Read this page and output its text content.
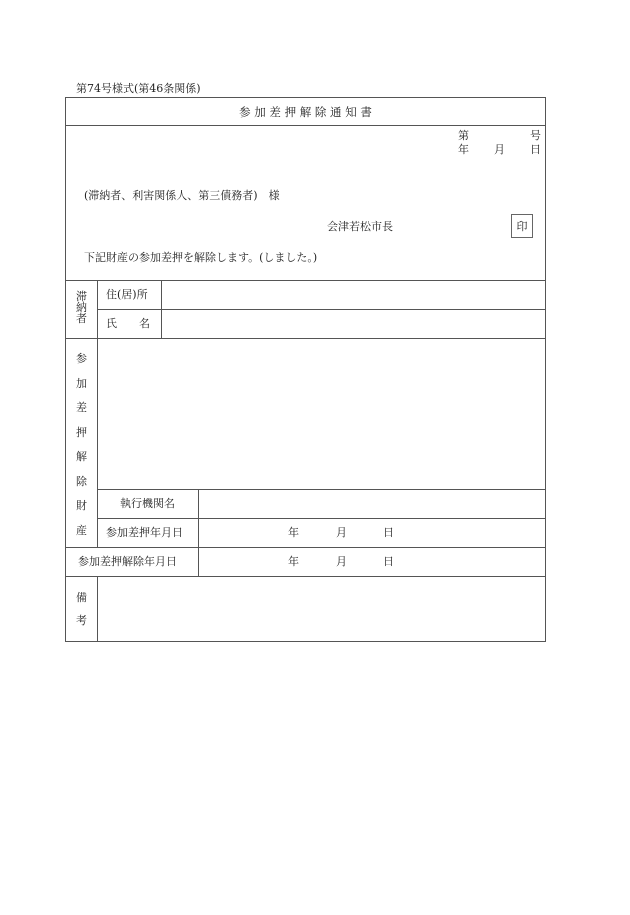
第74号様式(第46条関係)
参 加 差 押 解 除 通 知 書
第	号
年 月 日
(滞納者、利害関係人、第三債務者)　様
会津若松市長	印
下記財産の参加差押を解除します。(しました。)
滞
納
者
住(居)所
氏　　名
参
加
差
押
解
除
財
産
執行機関名
参加差押年月日	年	月	日
参加差押解除年月日	年	月	日
備
考
